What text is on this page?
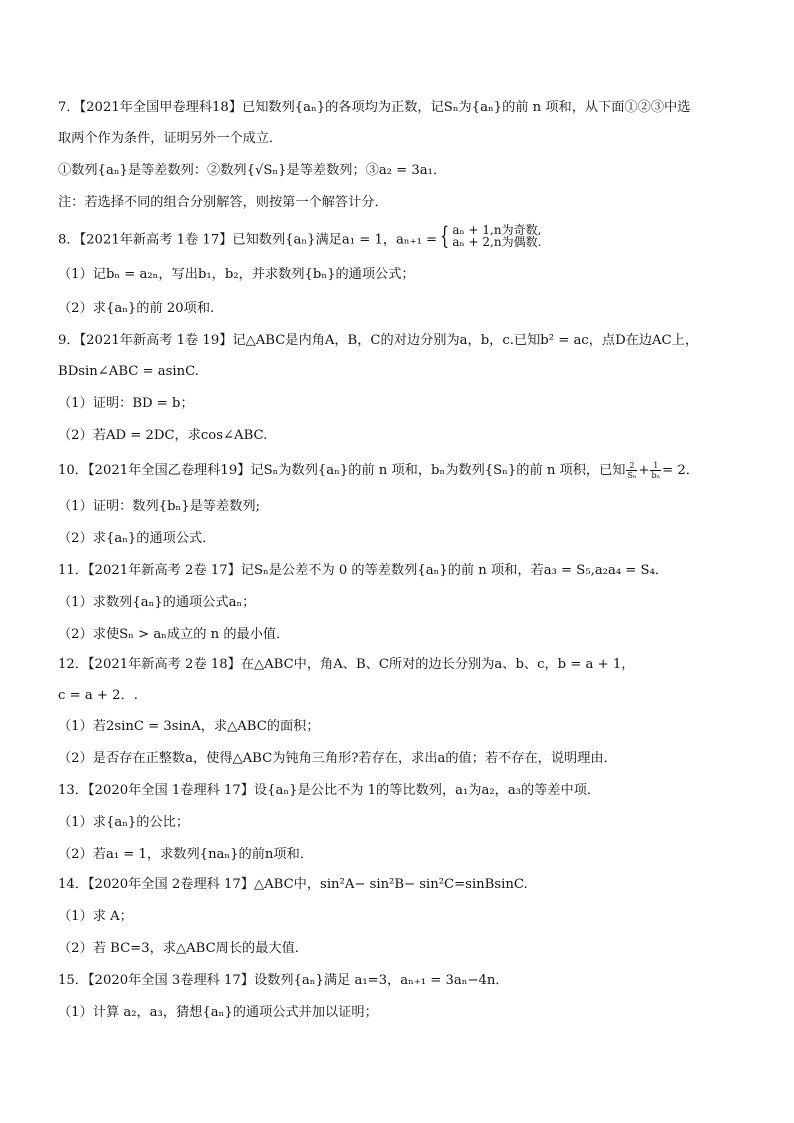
7．【2021年全国甲卷理科18】已知数列{aₙ}的各项均为正数，记Sₙ为{aₙ}的前 n 项和，从下面①②③中选
取两个作为条件，证明另外一个成立．
①数列{aₙ}是等差数列：②数列{√Sₙ}是等差数列；③a₂ = 3a₁．
注：若选择不同的组合分别解答，则按第一个解答计分．
8．【2021年新高考 1卷 17】已知数列{aₙ}满足a₁ = 1，aₙ₊₁ = { aₙ + 1,n为奇数,
aₙ + 2,n为偶数.
（1）记bₙ = a₂ₙ，写出b₁，b₂，并求数列{bₙ}的通项公式；
（2）求{aₙ}的前 20项和.
9．【2021年新高考 1卷 19】记△ABC是内角A，B，C的对边分别为a，b，c.已知b² = ac，点D在边AC上，
BDsin∠ABC = asinC.
（1）证明：BD = b；
（2）若AD = 2DC，求cos∠ABC.
10．【2021年全国乙卷理科19】记Sₙ为数列{aₙ}的前 n 项和，bₙ为数列{Sₙ}的前 n 项积，已知 $\frac{2}{\text{Sₙ}} + \frac{1}{\text{bₙ}} = 2$．
（1）证明：数列{bₙ}是等差数列;
（2）求{aₙ}的通项公式．
11．【2021年新高考 2卷 17】记Sₙ是公差不为 0 的等差数列{aₙ}的前 n 项和，若a₃ = S₅,a₂a₄ = S₄．
（1）求数列{aₙ}的通项公式aₙ；
（2）求使Sₙ > aₙ成立的 n 的最小值．
12．【2021年新高考 2卷 18】在△ABC中，角A、B、C所对的边长分别为a、b、c，b = a + 1，
c = a + 2．.
（1）若2sinC = 3sinA，求△ABC的面积；
（2）是否存在正整数a，使得△ABC为钝角三角形?若存在，求出a的值；若不存在，说明理由．
13．【2020年全国 1卷理科 17】设{aₙ}是公比不为 1的等比数列，a₁为a₂，a₃的等差中项．
（1）求{aₙ}的公比；
（2）若a₁ = 1，求数列{naₙ}的前n项和．
14．【2020年全国 2卷理科 17】△ABC中，sin²A− sin²B− sin²C=sinBsinC.
（1）求 A；
（2）若 BC=3，求△ABC周长的最大值.
15．【2020年全国 3卷理科 17】设数列{aₙ}满足 a₁=3，aₙ₊₁ = 3aₙ−4n．
（1）计算 a₂，a₃，猜想{aₙ}的通项公式并加以证明；
